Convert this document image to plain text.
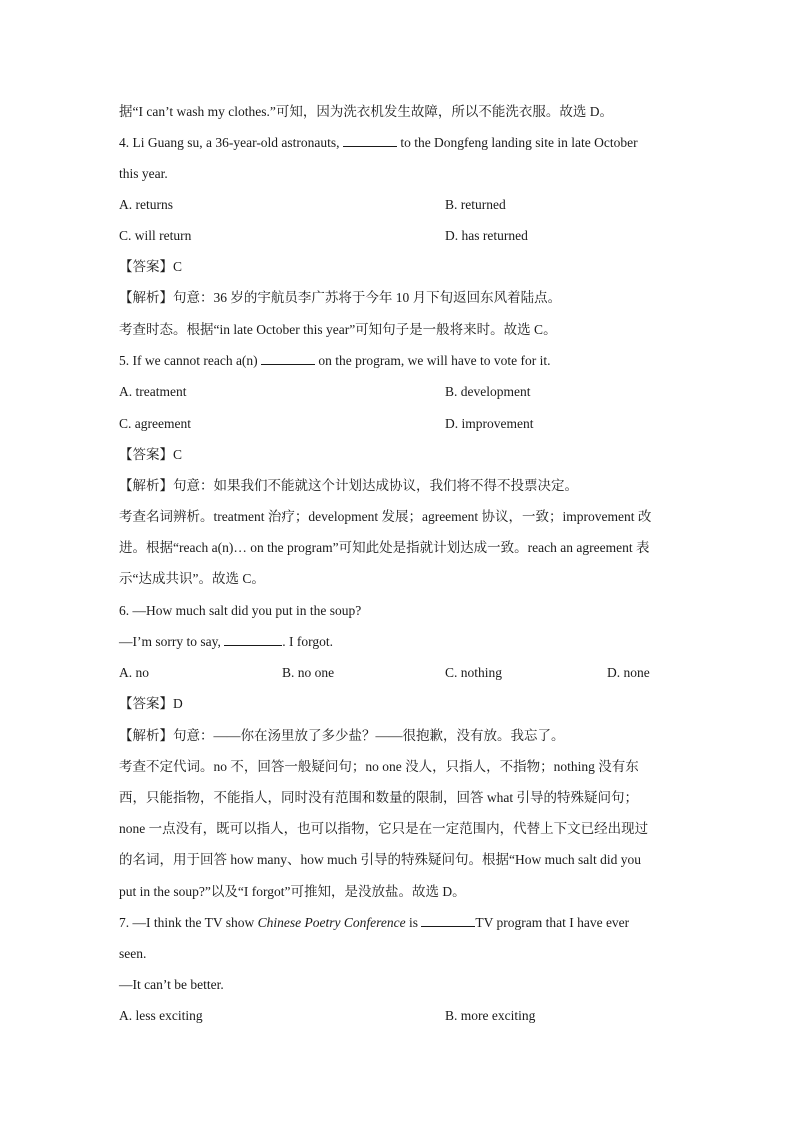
据“I can’t wash my clothes.”可知，因为洗衣机发生故障，所以不能洗衣服。故选 D。
4. Li Guang su, a 36-year-old astronauts,	to the Dongfeng landing site in late October
this year.
A. returns	B. returned
C. will return	D. has returned
【答案】C
【解析】句意：36 岁的宇航员李广苏将于今年 10 月下旬返回东风着陆点。
考查时态。根据“in late October this year”可知句子是一般将来时。故选 C。
5. If we cannot reach a(n)	on the program, we will have to vote for it.
A. treatment	B. development
C. agreement	D. improvement
【答案】C
【解析】句意：如果我们不能就这个计划达成协议，我们将不得不投票决定。
考查名词辨析。treatment 治疗；development 发展；agreement 协议，一致；improvement 改
进。根据“reach a(n)… on the program”可知此处是指就计划达成一致。reach an agreement 表
示“达成共识”。故选 C。
6. —How much salt did you put in the soup?
—I’m sorry to say,	. I forgot.
A. no	B. no one	C. nothing	D. none
【答案】D
【解析】句意：——你在汤里放了多少盐？——很抱歉，没有放。我忘了。
考查不定代词。no 不，回答一般疑问句；no one 没人，只指人，不指物；nothing 没有东
西，只能指物，不能指人，同时没有范围和数量的限制，回答 what 引导的特殊疑问句；
none 一点没有，既可以指人，也可以指物，它只是在一定范围内，代替上下文已经出现过
的名词，用于回答 how many、how much 引导的特殊疑问句。根据“How much salt did you
put in the soup?”以及“I forgot”可推知，是没放盐。故选 D。
7. —I think the TV show Chinese Poetry Conference is	TV program that I have ever
seen.
—It can’t be better.
A. less exciting	B. more exciting
